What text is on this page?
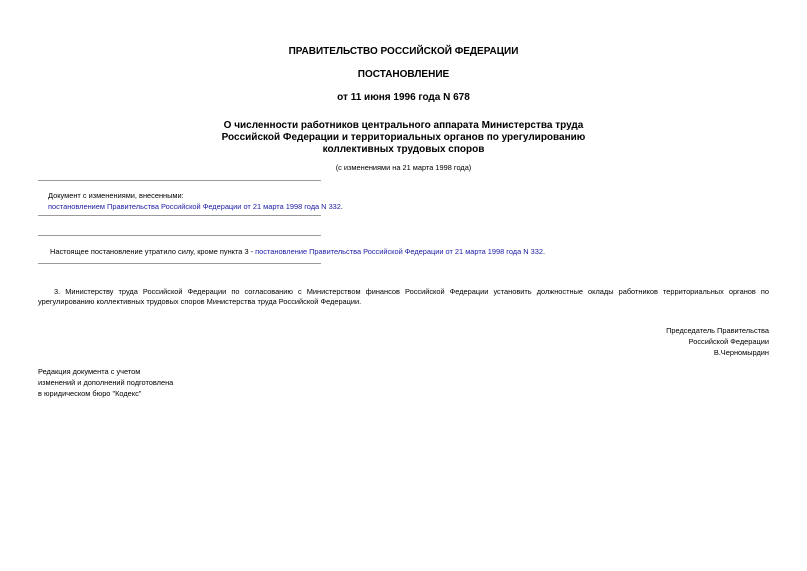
ПРАВИТЕЛЬСТВО РОССИЙСКОЙ ФЕДЕРАЦИИ
ПОСТАНОВЛЕНИЕ
от 11 июня 1996 года N 678
О численности работников центрального аппарата Министерства труда
Российской Федерации и территориальных органов по урегулированию
коллективных трудовых споров
(с изменениями на 21 марта 1998 года)
Документ с изменениями, внесенными:
постановлением Правительства Российской Федерации от 21 марта 1998 года N 332.
Настоящее постановление утратило силу, кроме пункта 3 - постановление Правительства Российской Федерации от 21 марта 1998 года N 332.
3. Министерству труда Российской Федерации по согласованию с Министерством финансов Российской Федерации установить должностные оклады работников территориальных органов по урегулированию коллективных трудовых споров Министерства труда Российской Федерации.
Председатель Правительства
Российской Федерации
В.Черномырдин
Редакция документа с учетом
изменений и дополнений подготовлена
в юридическом бюро "Кодекс"
